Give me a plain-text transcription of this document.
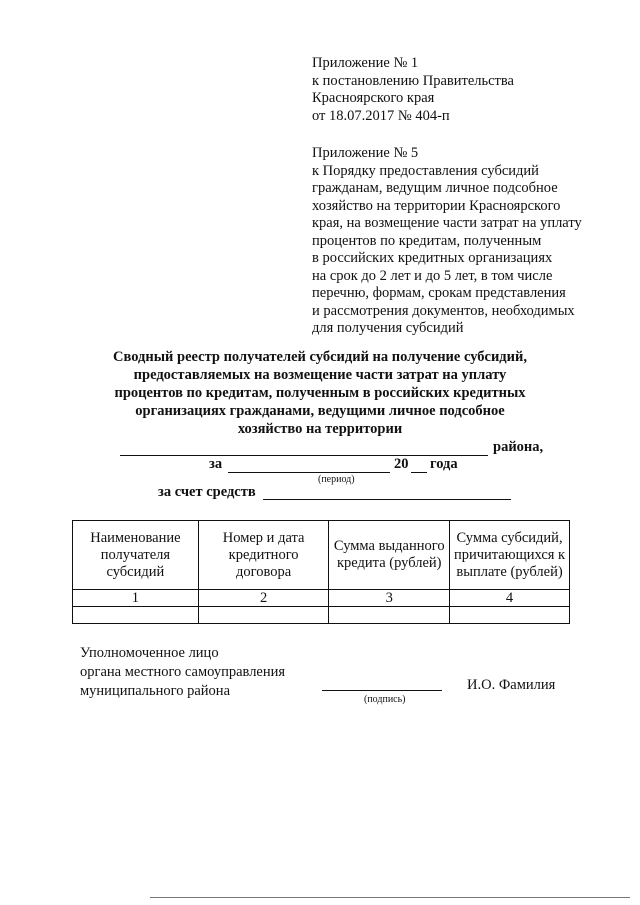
Приложение № 1
к постановлению Правительства
Красноярского края
от 18.07.2017 № 404-п
Приложение № 5
к Порядку предоставления субсидий
гражданам, ведущим личное подсобное
хозяйство на территории Красноярского
края, на возмещение части затрат на уплату
процентов по кредитам, полученным
в российских кредитных организациях
на срок до 2 лет и до 5 лет, в том числе
перечню, формам, срокам представления
и рассмотрения документов, необходимых
для получения субсидий
Сводный реестр получателей субсидий на получение субсидий,
предоставляемых на возмещение части затрат на уплату
процентов по кредитам, полученным в российских кредитных
организациях гражданами, ведущими личное подсобное
хозяйство на территории
района,
за	20 года
(период)
за счет средств
Наименование получателя субсидий	Номер и дата кредитного договора	Сумма выданного кредита (рублей)	Сумма субсидий, причитающихся к выплате (рублей)
1	2	3	4

Уполномоченное лицо
органа местного самоуправления
муниципального района
(подпись)
И.О. Фамилия
